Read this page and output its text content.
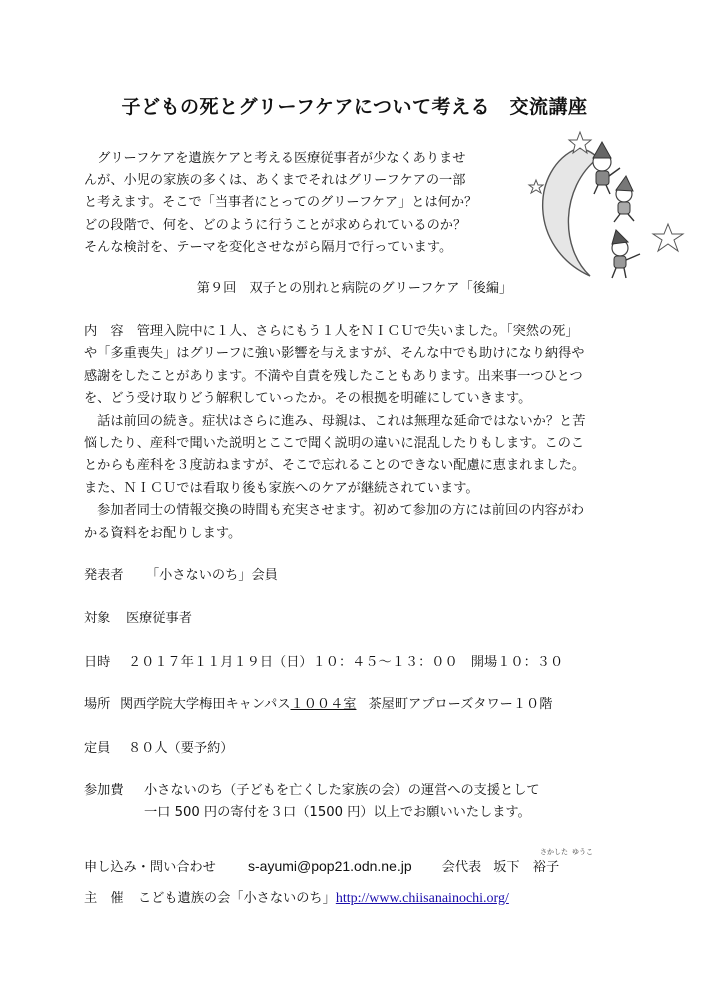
子どもの死とグリーフケアについて考える　交流講座
　グリーフケアを遺族ケアと考える医療従事者が少なくありませ
んが、小児の家族の多くは、あくまでそれはグリーフケアの一部
と考えます。そこで「当事者にとってのグリーフケア」とは何か？
どの段階で、何を、どのように行うことが求められているのか？
そんな検討を、テーマを変化させながら隔月で行っています。
第９回　双子との別れと病院のグリーフケア「後編」
内　容　管理入院中に１人、さらにもう１人をＮＩＣＵで失いました。「突然の死」
や「多重喪失」はグリーフに強い影響を与えますが、そんな中でも助けになり納得や
感謝をしたことがあります。不満や自責を残したこともあります。出来事一つひとつ
を、どう受け取りどう解釈していったか。その根拠を明確にしていきます。
　話は前回の続き。症状はさらに進み、母親は、これは無理な延命ではないか？と苦
悩したり、産科で聞いた説明とここで聞く説明の違いに混乱したりもします。このこ
とからも産科を３度訪ねますが、そこで忘れることのできない配慮に恵まれました。
また、ＮＩＣＵでは看取り後も家族へのケアが継続されています。
　参加者同士の情報交換の時間も充実させます。初めて参加の方には前回の内容がわ
かる資料をお配りします。
発表者 「小さないのち」会員
対象 医療従事者
日時 ２０１７年１１月１９日（日）１０：４５～１３：００　開場１０：３０
場所 関西学院大学梅田キャンパス１００４室 茶屋町アプローズタワー１０階
定員 ８０人（要予約）
参加費 小さないのち（子どもを亡くした家族の会）の運営への支援として
一口 500 円の寄付を３口（1500 円）以上でお願いいたします。
申し込み・問い合わせ s-ayumi@pop21.odn.ne.jp 会代表 坂下　裕子
さかした ゆうこ
主　催 こども遺族の会「小さないのち」http://www.chiisanainochi.org/
